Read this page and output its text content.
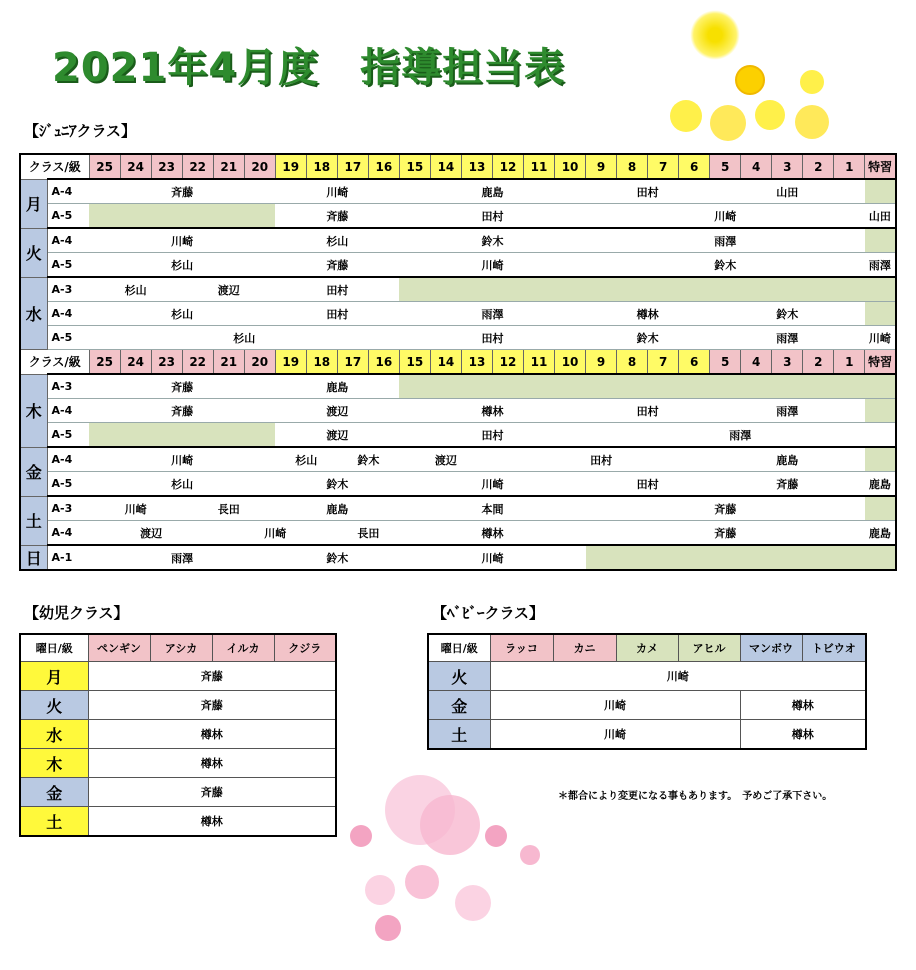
2021年4月度　指導担当表
【ｼﾞｭﾆｱクラス】
クラス/級		25	24	23	22	21	20	19	18	17	16	15	14	13	12	11	10	9	8	7	6	5	4	3	2	1	特習
月	A-4	斉藤						川崎				鹿島						田村				山田					
	A-5							斉藤				田村						川崎									山田
火	A-4	川崎						杉山				鈴木						雨澤									
	A-5	杉山						斉藤				川崎						鈴木									雨澤
水	A-3	杉山			渡辺			田村																			
	A-4	杉山						田村				雨澤						樽林				鈴木					
	A-5	杉山										田村						鈴木				雨澤					川崎
クラス/級		25	24	23	22	21	20	19	18	17	16	15	14	13	12	11	10	9	8	7	6	5	4	3	2	1	特習
木	A-3	斉藤						鹿島																			
	A-4	斉藤						渡辺				樽林						田村				雨澤					
	A-5							渡辺				田村						雨澤									
金	A-4	川崎						杉山		鈴木		渡辺			田村							鹿島					
	A-5	杉山						鈴木				川崎						田村				斉藤					鹿島
土	A-3	川崎			長田			鹿島				本間						斉藤									
	A-4	渡辺				川崎				長田		樽林						斉藤									鹿島
日	A-1	雨澤						鈴木				川崎															
【幼児クラス】
曜日/級	ペンギン	アシカ	イルカ	クジラ
月	斉藤			
火	斉藤			
水	樽林			
木	樽林			
金	斉藤			
土	樽林			
【ﾍﾞﾋﾞｰクラス】
曜日/級	ラッコ	カニ	カメ	アヒル	マンボウ	トビウオ
火	川崎					
金	川崎				樽林	
土	川崎				樽林	
＊都合により変更になる事もあります。　予めご了承下さい。
